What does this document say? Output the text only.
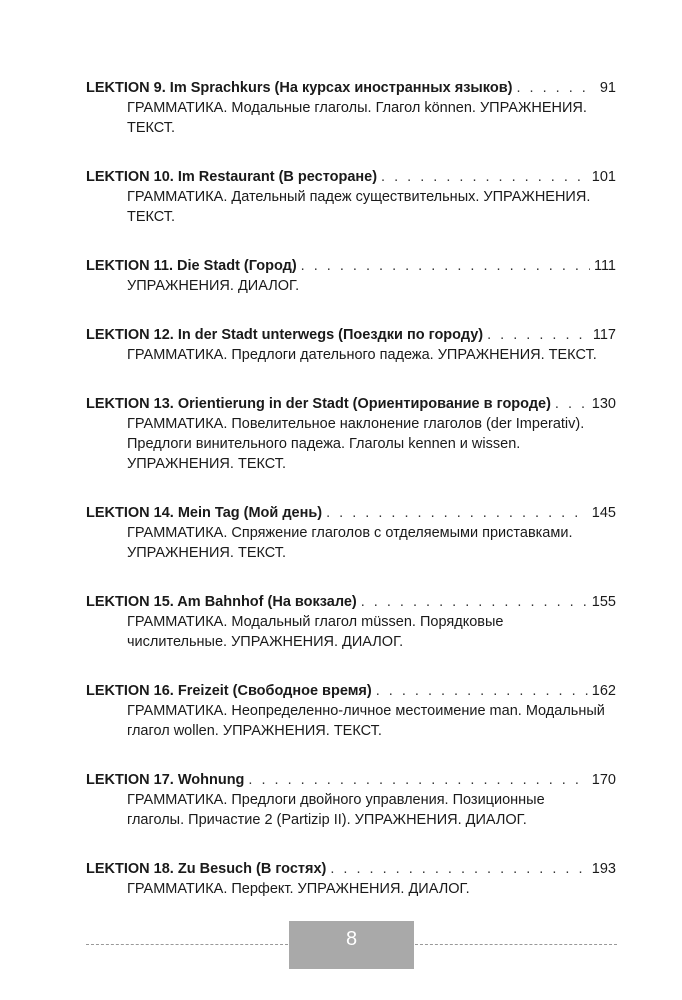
LEKTION 9. Im Sprachkurs (На курсах иностранных языков) . . .	91
ГРАММАТИКА. Модальные глаголы. Глагол können. УПРАЖНЕНИЯ.
ТЕКСТ.
LEKTION 10. Im Restaurant (В ресторане) . . .	101
ГРАММАТИКА. Дательный падеж существительных. УПРАЖНЕНИЯ.
ТЕКСТ.
LEKTION 11. Die Stadt (Город) . . .	111
УПРАЖНЕНИЯ. ДИАЛОГ.
LEKTION 12. In der Stadt unterwegs (Поездки по городу) . . .	117
ГРАММАТИКА. Предлоги дательного падежа. УПРАЖНЕНИЯ. ТЕКСТ.
LEKTION 13. Orientierung in der Stadt (Ориентирование в городе) . . .	130
ГРАММАТИКА. Повелительное наклонение глаголов (der Imperativ).
Предлоги винительного падежа. Глаголы kennen и wissen.
УПРАЖНЕНИЯ. ТЕКСТ.
LEKTION 14. Mein Tag (Мой день) . . .	145
ГРАММАТИКА. Спряжение глаголов с отделяемыми приставками.
УПРАЖНЕНИЯ. ТЕКСТ.
LEKTION 15. Am Bahnhof (На вокзале) . . .	155
ГРАММАТИКА. Модальный глагол müssen. Порядковые
числительные. УПРАЖНЕНИЯ. ДИАЛОГ.
LEKTION 16. Freizeit (Свободное время) . . .	162
ГРАММАТИКА. Неопределенно-личное местоимение man. Модальный
глагол wollen. УПРАЖНЕНИЯ. ТЕКСТ.
LEKTION 17. Wohnung . . .	170
ГРАММАТИКА. Предлоги двойного управления. Позиционные
глаголы. Причастие 2 (Partizip II). УПРАЖНЕНИЯ. ДИАЛОГ.
LEKTION 18. Zu Besuch (В гостях) . . .	193
ГРАММАТИКА. Перфект. УПРАЖНЕНИЯ. ДИАЛОГ.
8
